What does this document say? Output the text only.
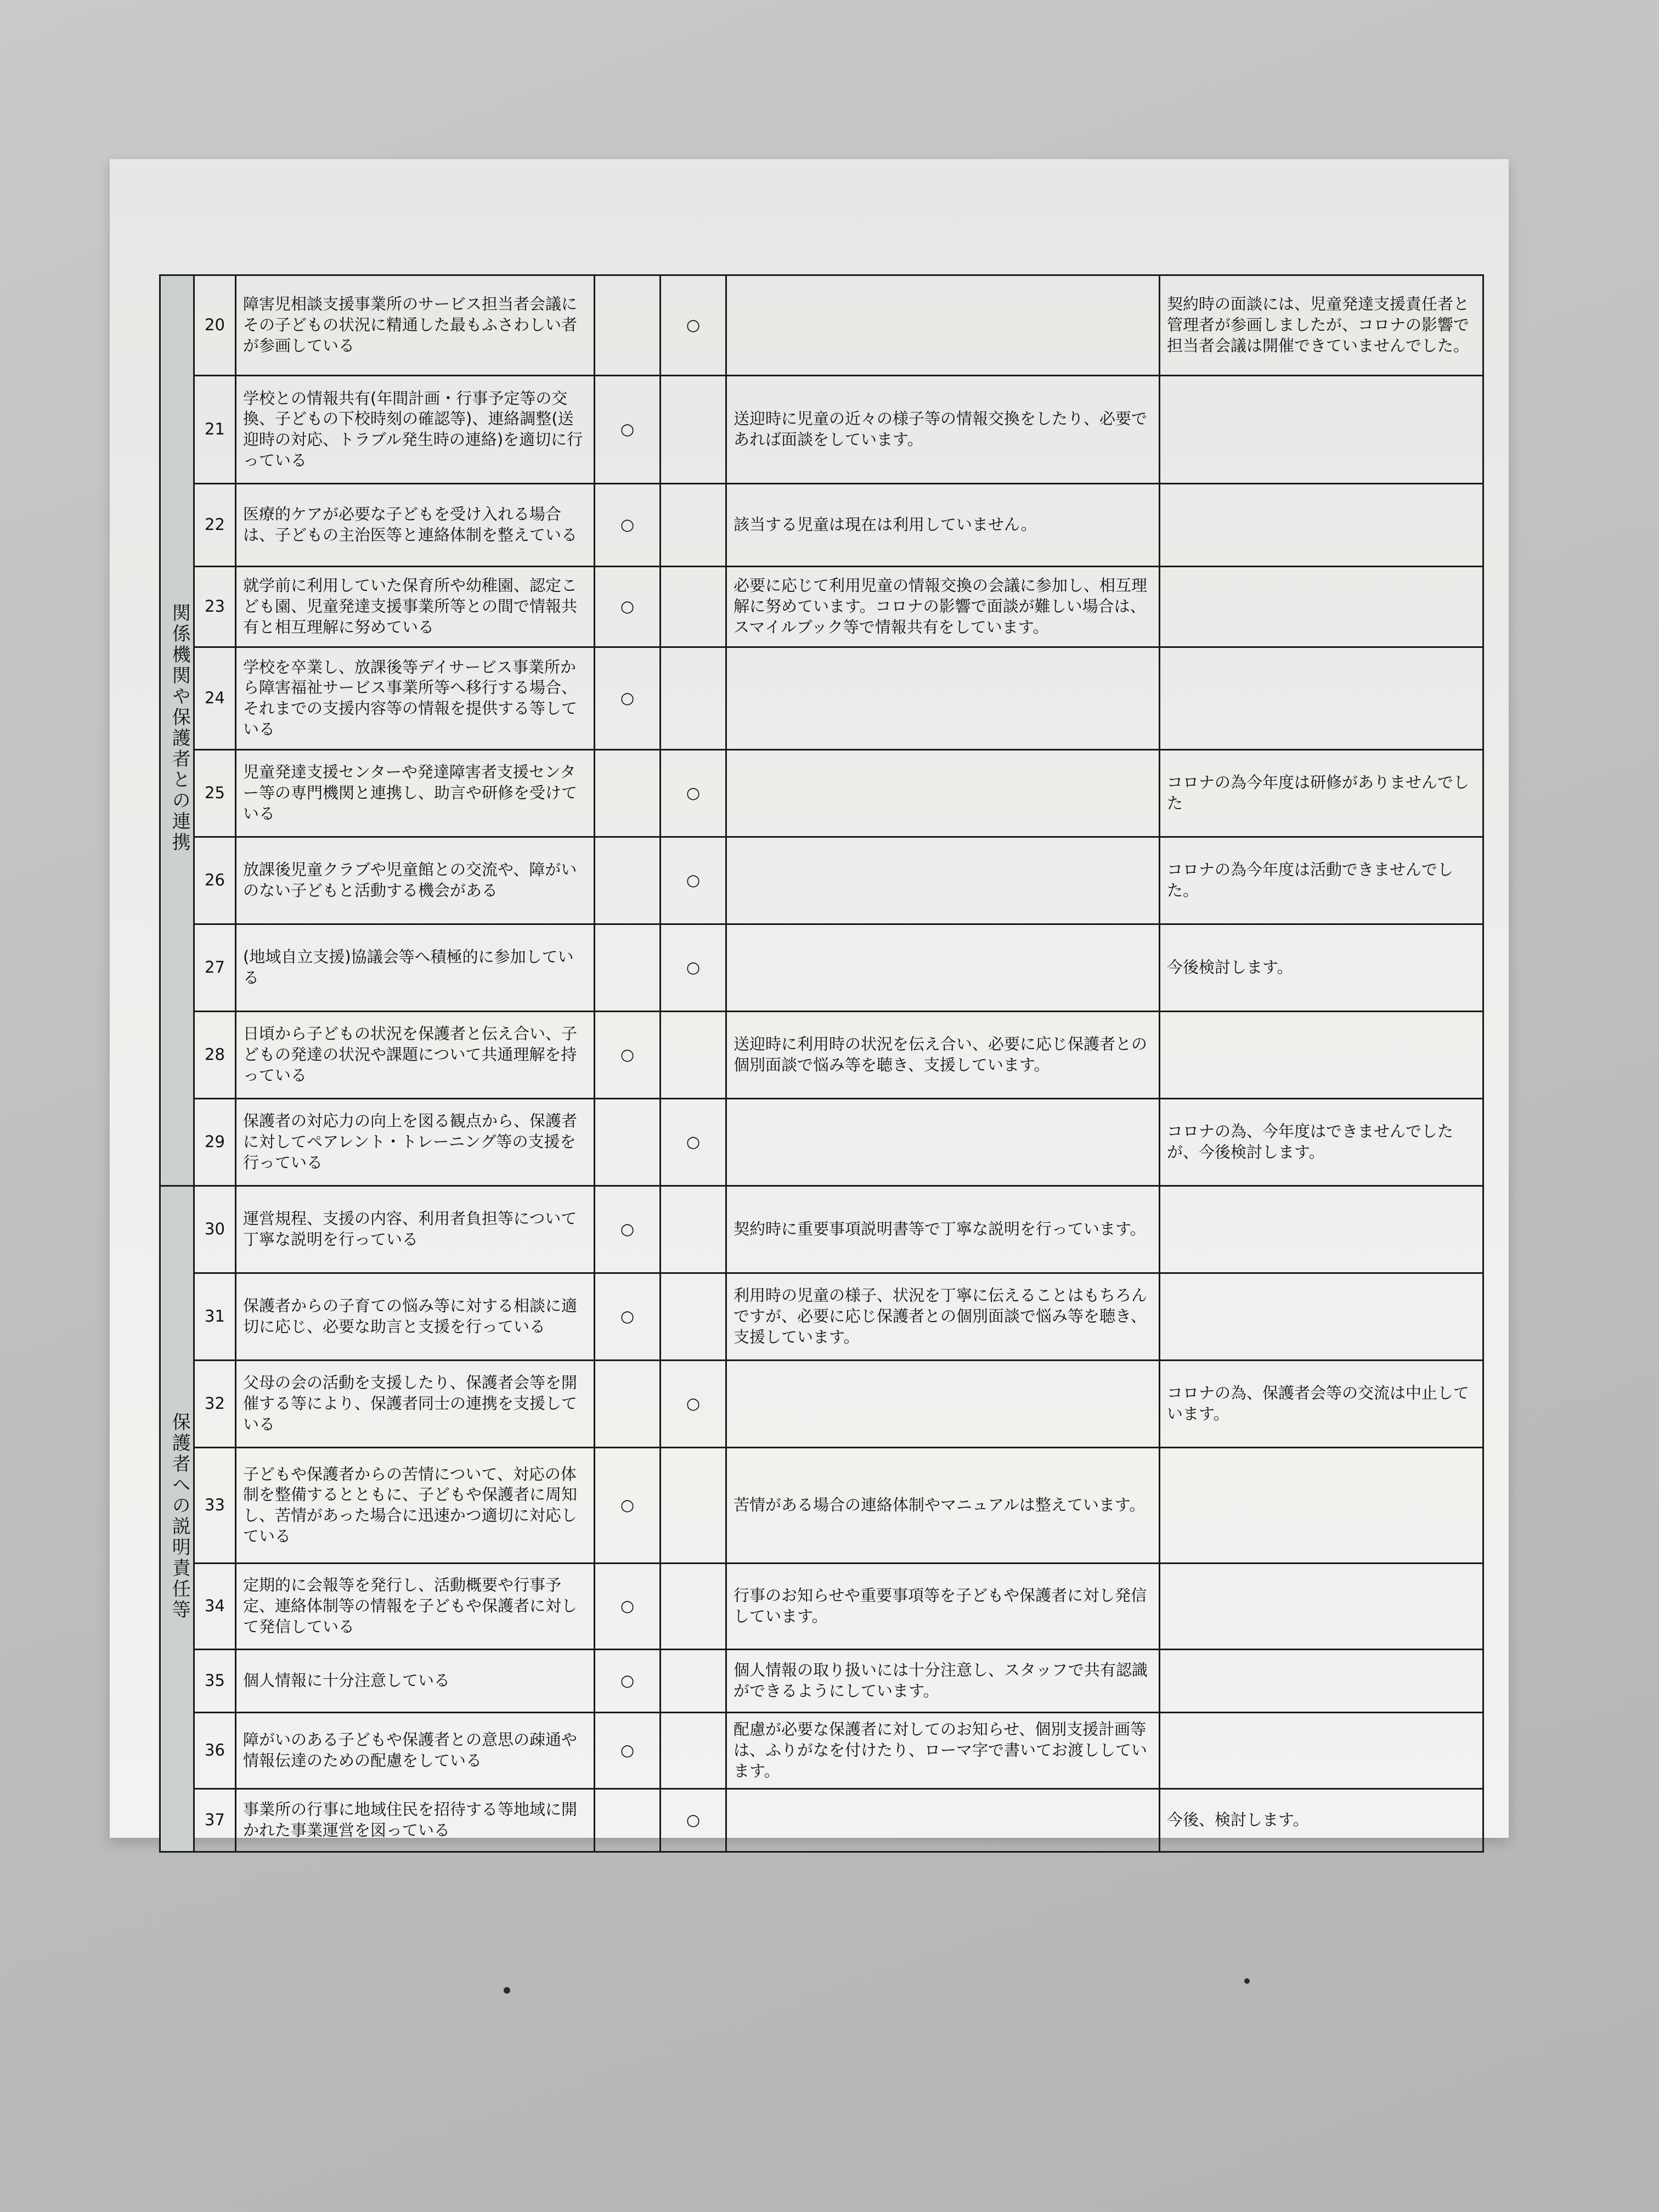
関係機関や保護者との連携	20	障害児相談支援事業所のサービス担当者会議にその子どもの状況に精通した最もふさわしい者が参画している		○		契約時の面談には、児童発達支援責任者と管理者が参画しましたが、コロナの影響で担当者会議は開催できていませんでした。
	21	学校との情報共有(年間計画・行事予定等の交換、子どもの下校時刻の確認等)、連絡調整(送迎時の対応、トラブル発生時の連絡)を適切に行っている	○		送迎時に児童の近々の様子等の情報交換をしたり、必要であれば面談をしています。	
	22	医療的ケアが必要な子どもを受け入れる場合は、子どもの主治医等と連絡体制を整えている	○		該当する児童は現在は利用していません。	
	23	就学前に利用していた保育所や幼稚園、認定こども園、児童発達支援事業所等との間で情報共有と相互理解に努めている	○		必要に応じて利用児童の情報交換の会議に参加し、相互理解に努めています。コロナの影響で面談が難しい場合は、スマイルブック等で情報共有をしています。	
	24	学校を卒業し、放課後等デイサービス事業所から障害福祉サービス事業所等へ移行する場合、それまでの支援内容等の情報を提供する等している	○			
	25	児童発達支援センターや発達障害者支援センター等の専門機関と連携し、助言や研修を受けている		○		コロナの為今年度は研修がありませんでした
	26	放課後児童クラブや児童館との交流や、障がいのない子どもと活動する機会がある		○		コロナの為今年度は活動できませんでした。
	27	(地域自立支援)協議会等へ積極的に参加している		○		今後検討します。
	28	日頃から子どもの状況を保護者と伝え合い、子どもの発達の状況や課題について共通理解を持っている	○		送迎時に利用時の状況を伝え合い、必要に応じ保護者との個別面談で悩み等を聴き、支援しています。	
	29	保護者の対応力の向上を図る観点から、保護者に対してペアレント・トレーニング等の支援を行っている		○		コロナの為、今年度はできませんでしたが、今後検討します。
保護者への説明責任等	30	運営規程、支援の内容、利用者負担等について丁寧な説明を行っている	○		契約時に重要事項説明書等で丁寧な説明を行っています。	
	31	保護者からの子育ての悩み等に対する相談に適切に応じ、必要な助言と支援を行っている	○		利用時の児童の様子、状況を丁寧に伝えることはもちろんですが、必要に応じ保護者との個別面談で悩み等を聴き、支援しています。	
	32	父母の会の活動を支援したり、保護者会等を開催する等により、保護者同士の連携を支援している		○		コロナの為、保護者会等の交流は中止しています。
	33	子どもや保護者からの苦情について、対応の体制を整備するとともに、子どもや保護者に周知し、苦情があった場合に迅速かつ適切に対応している	○		苦情がある場合の連絡体制やマニュアルは整えています。	
	34	定期的に会報等を発行し、活動概要や行事予定、連絡体制等の情報を子どもや保護者に対して発信している	○		行事のお知らせや重要事項等を子どもや保護者に対し発信しています。	
	35	個人情報に十分注意している	○		個人情報の取り扱いには十分注意し、スタッフで共有認識ができるようにしています。	
	36	障がいのある子どもや保護者との意思の疎通や情報伝達のための配慮をしている	○		配慮が必要な保護者に対してのお知らせ、個別支援計画等は、ふりがなを付けたり、ローマ字で書いてお渡ししています。	
	37	事業所の行事に地域住民を招待する等地域に開かれた事業運営を図っている		○		今後、検討します。
